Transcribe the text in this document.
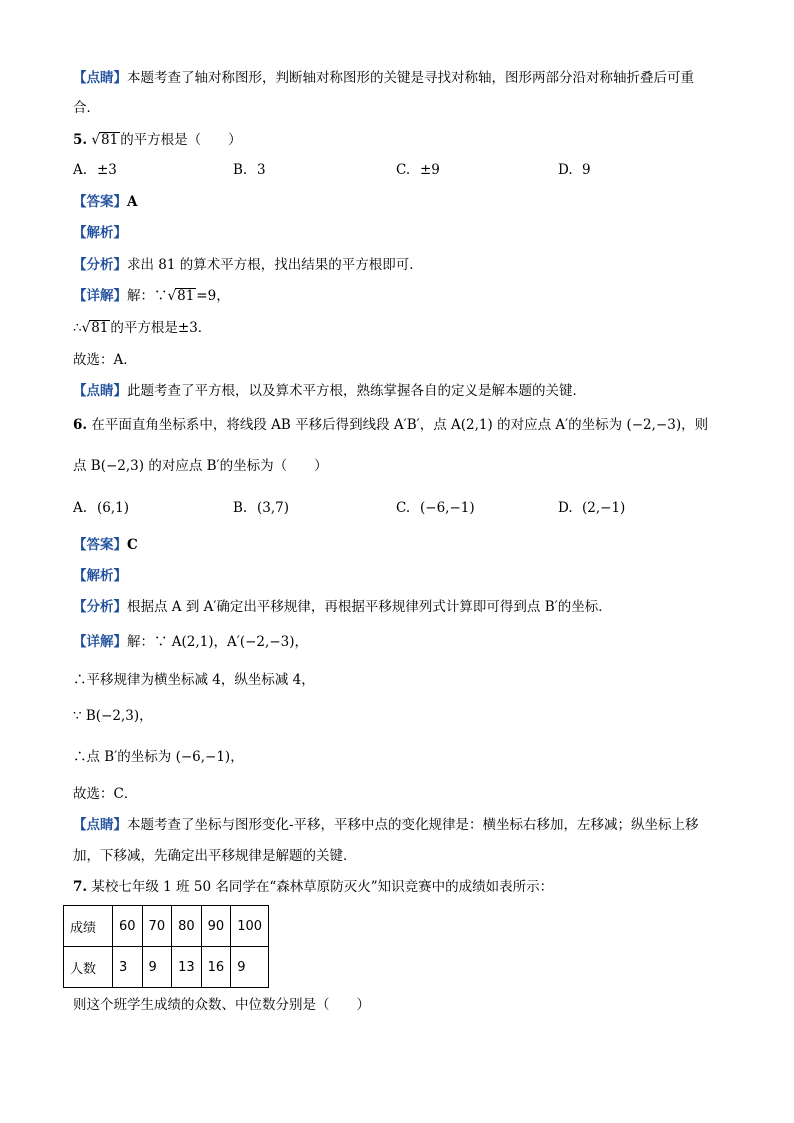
【点睛】本题考查了轴对称图形，判断轴对称图形的关键是寻找对称轴，图形两部分沿对称轴折叠后可重
合．
5. √81 的平方根是（　　）
A. ±3	B. 3	C. ±9	D. 9
【答案】A
【解析】
【分析】求出 81 的算术平方根，找出结果的平方根即可．
【详解】解：∵√81 =9，
∴√81 的平方根是±3．
故选：A．
【点睛】此题考查了平方根，以及算术平方根，熟练掌握各自的定义是解本题的关键．
6. 在平面直角坐标系中，将线段 AB 平移后得到线段 A′B′，点 A(2,1) 的对应点 A′的坐标为 (−2,−3)，则
点 B(−2,3) 的对应点 B′的坐标为（　　）
A. (6,1)	B. (3,7)	C. (−6,−1)	D. (2,−1)
【答案】C
【解析】
【分析】根据点 A 到 A′确定出平移规律，再根据平移规律列式计算即可得到点 B′的坐标．
【详解】解：∵ A(2,1)，A′(−2,−3)，
∴平移规律为横坐标减 4，纵坐标减 4，
∵ B(−2,3)，
∴点 B′的坐标为 (−6,−1)，
故选：C．
【点睛】本题考查了坐标与图形变化-平移，平移中点的变化规律是：横坐标右移加，左移减；纵坐标上移
加，下移减，先确定出平移规律是解题的关键．
7. 某校七年级 1 班 50 名同学在“森林草原防灭火”知识竞赛中的成绩如表所示：
成绩	60	70	80	90	100
人数	3	9	13	16	9
则这个班学生成绩的众数、中位数分别是（　　）
